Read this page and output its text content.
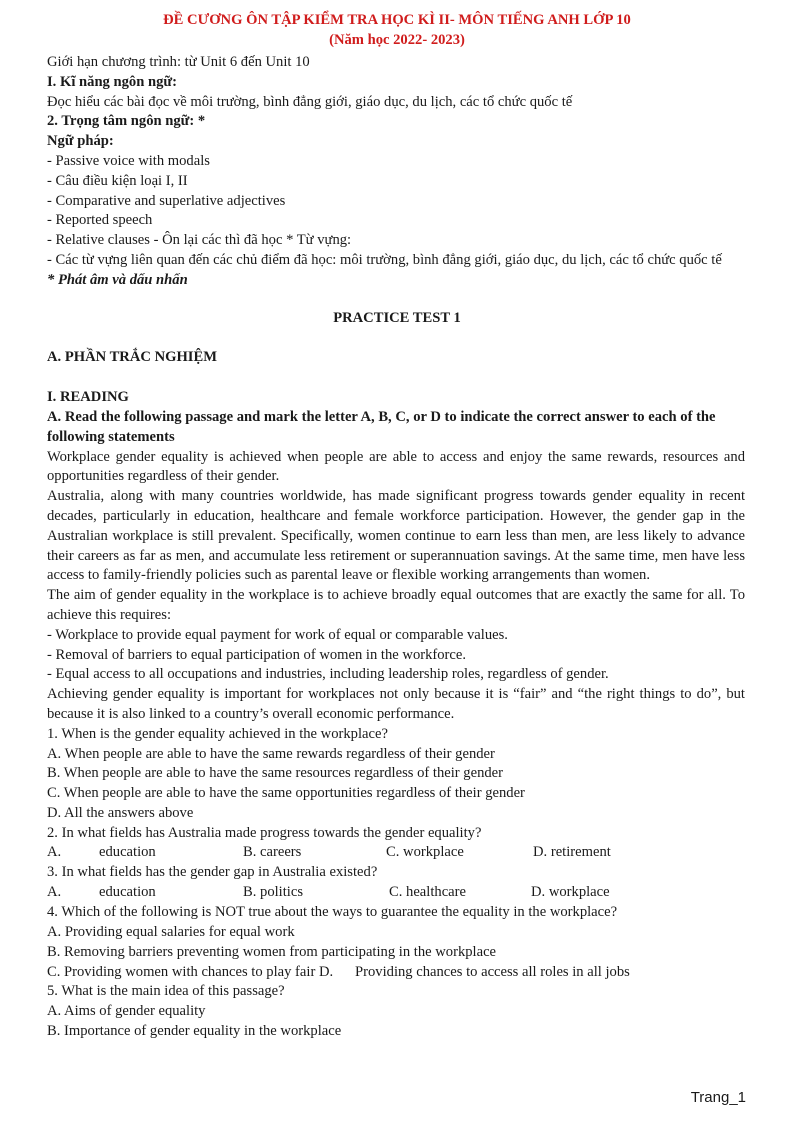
ĐỀ CƯƠNG ÔN TẬP KIỂM TRA HỌC KÌ II- MÔN TIẾNG ANH LỚP 10
(Năm học 2022- 2023)
Giới hạn chương trình: từ Unit 6 đến Unit 10
I. Kĩ năng ngôn ngữ:
Đọc hiểu các bài đọc về môi trường, bình đẳng giới, giáo dục, du lịch, các tổ chức quốc tế
2. Trọng tâm ngôn ngữ: *
Ngữ pháp:
- Passive voice with modals
- Câu điều kiện loại I, II
- Comparative and superlative adjectives
- Reported speech
- Relative clauses - Ôn lại các thì đã học * Từ vựng:
- Các từ vựng liên quan đến các chủ điểm đã học: môi trường, bình đẳng giới, giáo dục, du lịch, các tổ chức quốc tế
* Phát âm và dấu nhấn
PRACTICE TEST 1
A. PHẦN TRẮC NGHIỆM
I. READING
A. Read the following passage and mark the letter A, B, C, or D to indicate the correct answer to each of the following statements
Workplace gender equality is achieved when people are able to access and enjoy the same rewards, resources and opportunities regardless of their gender.
Australia, along with many countries worldwide, has made significant progress towards gender equality in recent decades, particularly in education, healthcare and female workforce participation. However, the gender gap in the Australian workplace is still prevalent. Specifically, women continue to earn less than men, are less likely to advance their careers as far as men, and accumulate less retirement or superannuation savings. At the same time, men have less access to family-friendly policies such as parental leave or flexible working arrangements than women.
The aim of gender equality in the workplace is to achieve broadly equal outcomes that are exactly the same for all. To achieve this requires:
- Workplace to provide equal payment for work of equal or comparable values.
- Removal of barriers to equal participation of women in the workforce.
- Equal access to all occupations and industries, including leadership roles, regardless of gender.
Achieving gender equality is important for workplaces not only because it is “fair” and “the right things to do”, but because it is also linked to a country’s overall economic performance.
1. When is the gender equality achieved in the workplace?
A. When people are able to have the same rewards regardless of their gender
B. When people are able to have the same resources regardless of their gender
C. When people are able to have the same opportunities regardless of their gender
D. All the answers above
2. In what fields has Australia made progress towards the gender equality?
A.	education	B. careers	C. workplace	D. retirement
3. In what fields has the gender gap in Australia existed?
A.	education	B. politics	C. healthcare	D. workplace
4. Which of the following is NOT true about the ways to guarantee the equality in the workplace?
A. Providing equal salaries for equal work
B. Removing barriers preventing women from participating in the workplace
C. Providing women with chances to play fair D.      Providing chances to access all roles in all jobs
5. What is the main idea of this passage?
A. Aims of gender equality
B. Importance of gender equality in the workplace
Trang_1
